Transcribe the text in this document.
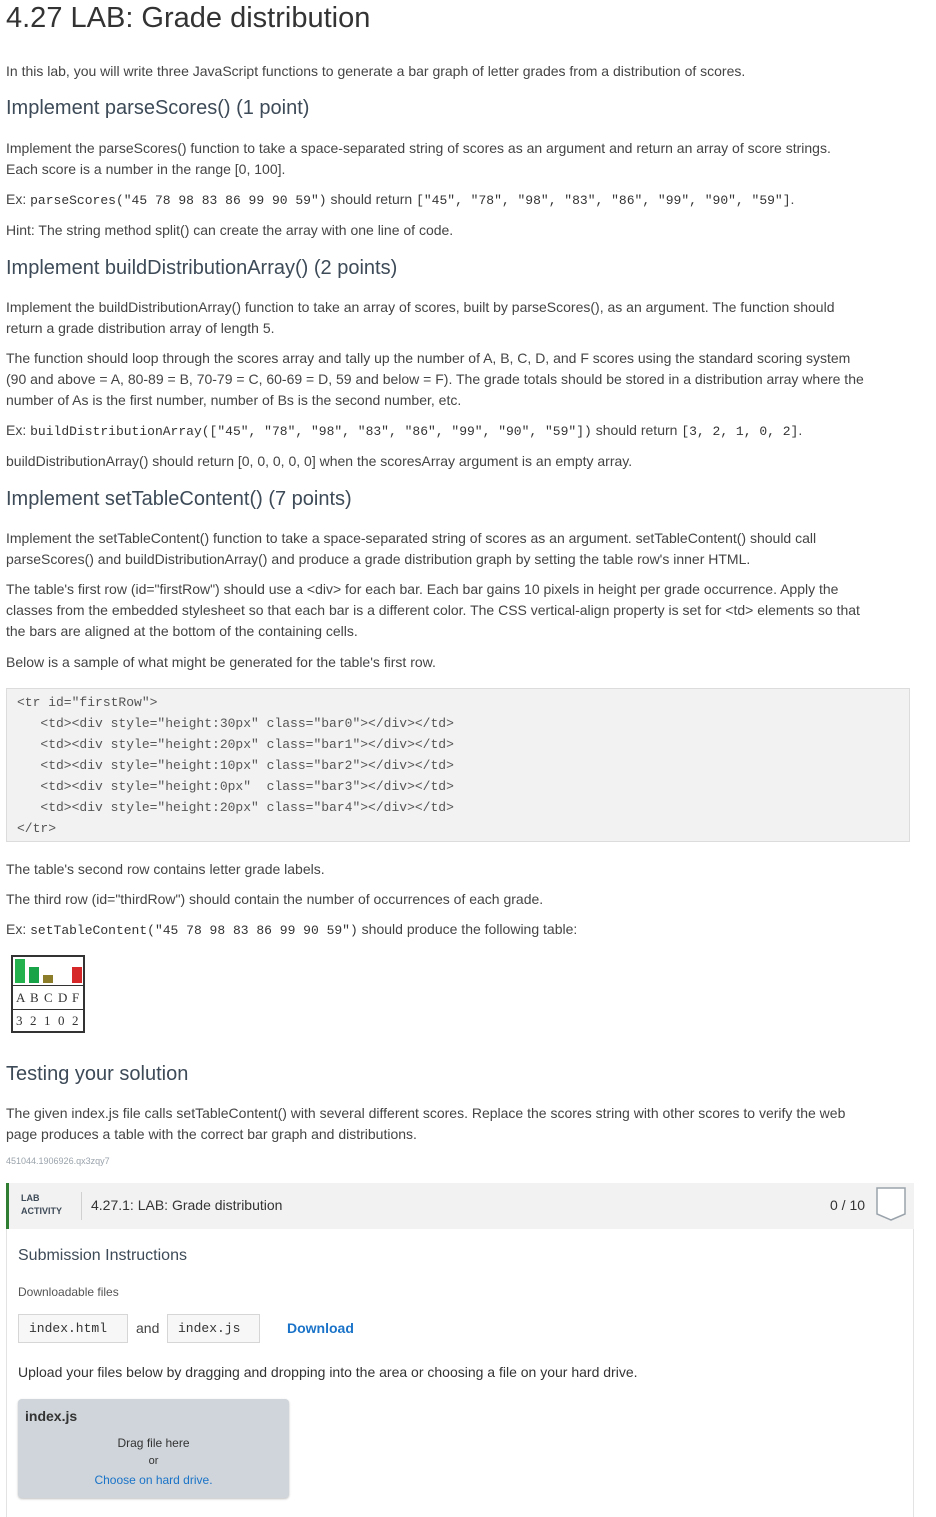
4.27 LAB: Grade distribution
In this lab, you will write three JavaScript functions to generate a bar graph of letter grades from a distribution of scores.
Implement parseScores() (1 point)
Implement the parseScores() function to take a space-separated string of scores as an argument and return an array of score strings.
Each score is a number in the range [0, 100].
Ex: parseScores("45 78 98 83 86 99 90 59") should return ["45", "78", "98", "83", "86", "99", "90", "59"].
Hint: The string method split() can create the array with one line of code.
Implement buildDistributionArray() (2 points)
Implement the buildDistributionArray() function to take an array of scores, built by parseScores(), as an argument. The function should
return a grade distribution array of length 5.
The function should loop through the scores array and tally up the number of A, B, C, D, and F scores using the standard scoring system
(90 and above = A, 80-89 = B, 70-79 = C, 60-69 = D, 59 and below = F). The grade totals should be stored in a distribution array where the
number of As is the first number, number of Bs is the second number, etc.
Ex: buildDistributionArray(["45", "78", "98", "83", "86", "99", "90", "59"]) should return [3, 2, 1, 0, 2].
buildDistributionArray() should return [0, 0, 0, 0, 0] when the scoresArray argument is an empty array.
Implement setTableContent() (7 points)
Implement the setTableContent() function to take a space-separated string of scores as an argument. setTableContent() should call
parseScores() and buildDistributionArray() and produce a grade distribution graph by setting the table row's inner HTML.
The table's first row (id="firstRow") should use a <div> for each bar. Each bar gains 10 pixels in height per grade occurrence. Apply the
classes from the embedded stylesheet so that each bar is a different color. The CSS vertical-align property is set for <td> elements so that
the bars are aligned at the bottom of the containing cells.
Below is a sample of what might be generated for the table's first row.
<tr id="firstRow">
<td><div style="height:30px" class="bar0"></div></td>
<td><div style="height:20px" class="bar1"></div></td>
<td><div style="height:10px" class="bar2"></div></td>
<td><div style="height:0px"  class="bar3"></div></td>
<td><div style="height:20px" class="bar4"></div></td>
</tr>
The table's second row contains letter grade labels.
The third row (id="thirdRow") should contain the number of occurrences of each grade.
Ex: setTableContent("45 78 98 83 86 99 90 59") should produce the following table:
A B C D F
3 2 1 0 2
Testing your solution
The given index.js file calls setTableContent() with several different scores. Replace the scores string with other scores to verify the web
page produces a table with the correct bar graph and distributions.
451044.1906926.qx3zqy7
LAB
ACTIVITY 4.27.1: LAB: Grade distribution	0 / 10
Submission Instructions
Downloadable files
index.html	and	index.js	Download
Upload your files below by dragging and dropping into the area or choosing a file on your hard drive.
index.js
Drag file here
or
Choose on hard drive.
